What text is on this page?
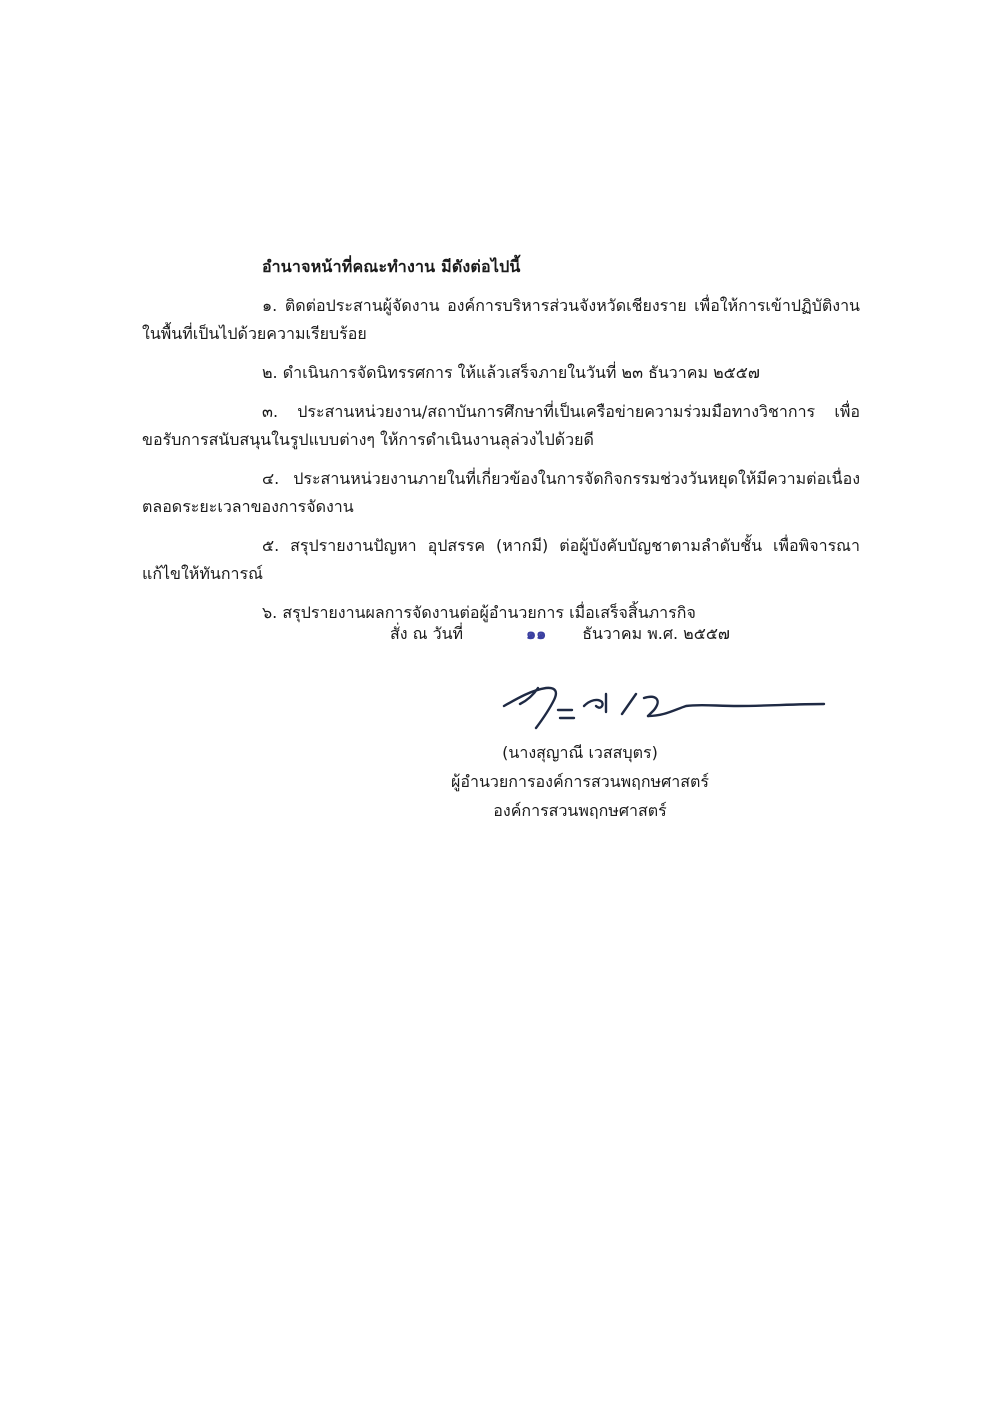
อำนาจหน้าที่คณะทำงาน มีดังต่อไปนี้

๑. ติดต่อประสานผู้จัดงาน องค์การบริหารส่วนจังหวัดเชียงราย เพื่อให้การเข้าปฏิบัติงานในพื้นที่เป็นไปด้วยความเรียบร้อย

๒. ดำเนินการจัดนิทรรศการ ให้แล้วเสร็จภายในวันที่ ๒๓ ธันวาคม ๒๕๕๗

๓. ประสานหน่วยงาน/สถาบันการศึกษาที่เป็นเครือข่ายความร่วมมือทางวิชาการ เพื่อขอรับการสนับสนุนในรูปแบบต่างๆ ให้การดำเนินงานลุล่วงไปด้วยดี

๔. ประสานหน่วยงานภายในที่เกี่ยวข้องในการจัดกิจกรรมช่วงวันหยุดให้มีความต่อเนื่องตลอดระยะเวลาของการจัดงาน

๕. สรุปรายงานปัญหา อุปสรรค (หากมี) ต่อผู้บังคับบัญชาตามลำดับชั้น เพื่อพิจารณาแก้ไขให้ทันการณ์

๖. สรุปรายงานผลการจัดงานต่อผู้อำนวยการ เมื่อเสร็จสิ้นภารกิจ

สั่ง ณ วันที่	๑๑ ธันวาคม พ.ศ. ๒๕๕๗
(นางสุญาณี เวสสบุตร)
ผู้อำนวยการองค์การสวนพฤกษศาสตร์
องค์การสวนพฤกษศาสตร์
